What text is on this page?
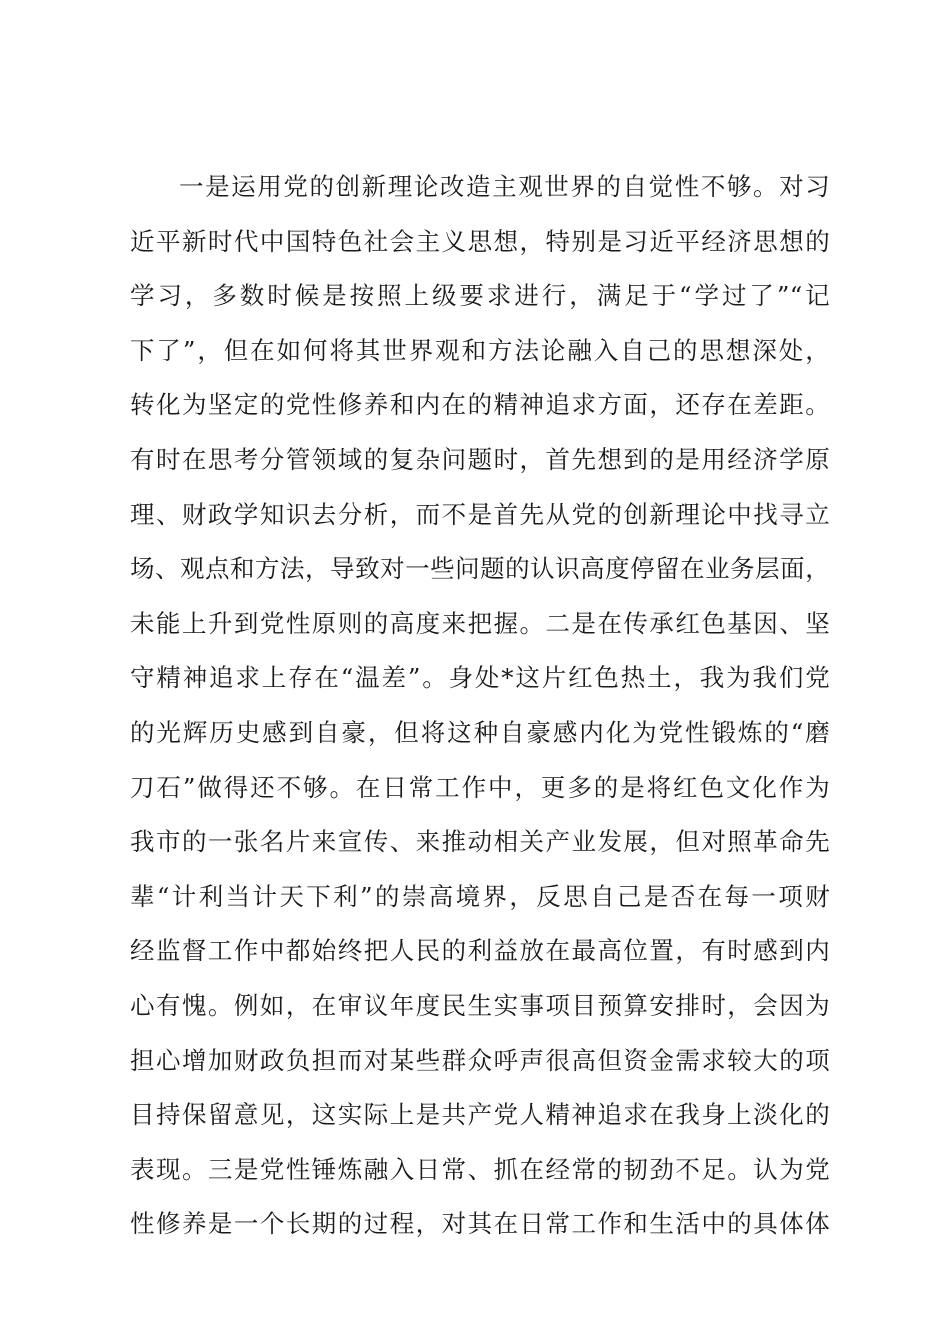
一是运用党的创新理论改造主观世界的自觉性不够。对习
近平新时代中国特色社会主义思想，特别是习近平经济思想的
学习，多数时候是按照上级要求进行，满足于“学过了”“记
下了”，但在如何将其世界观和方法论融入自己的思想深处，
转化为坚定的党性修养和内在的精神追求方面，还存在差距。
有时在思考分管领域的复杂问题时，首先想到的是用经济学原
理、财政学知识去分析，而不是首先从党的创新理论中找寻立
场、观点和方法，导致对一些问题的认识高度停留在业务层面，
未能上升到党性原则的高度来把握。二是在传承红色基因、坚
守精神追求上存在“温差”。身处*这片红色热土，我为我们党
的光辉历史感到自豪，但将这种自豪感内化为党性锻炼的“磨
刀石”做得还不够。在日常工作中，更多的是将红色文化作为
我市的一张名片来宣传、来推动相关产业发展，但对照革命先
辈“计利当计天下利”的崇高境界，反思自己是否在每一项财
经监督工作中都始终把人民的利益放在最高位置，有时感到内
心有愧。例如，在审议年度民生实事项目预算安排时，会因为
担心增加财政负担而对某些群众呼声很高但资金需求较大的项
目持保留意见，这实际上是共产党人精神追求在我身上淡化的
表现。三是党性锤炼融入日常、抓在经常的韧劲不足。认为党
性修养是一个长期的过程，对其在日常工作和生活中的具体体
